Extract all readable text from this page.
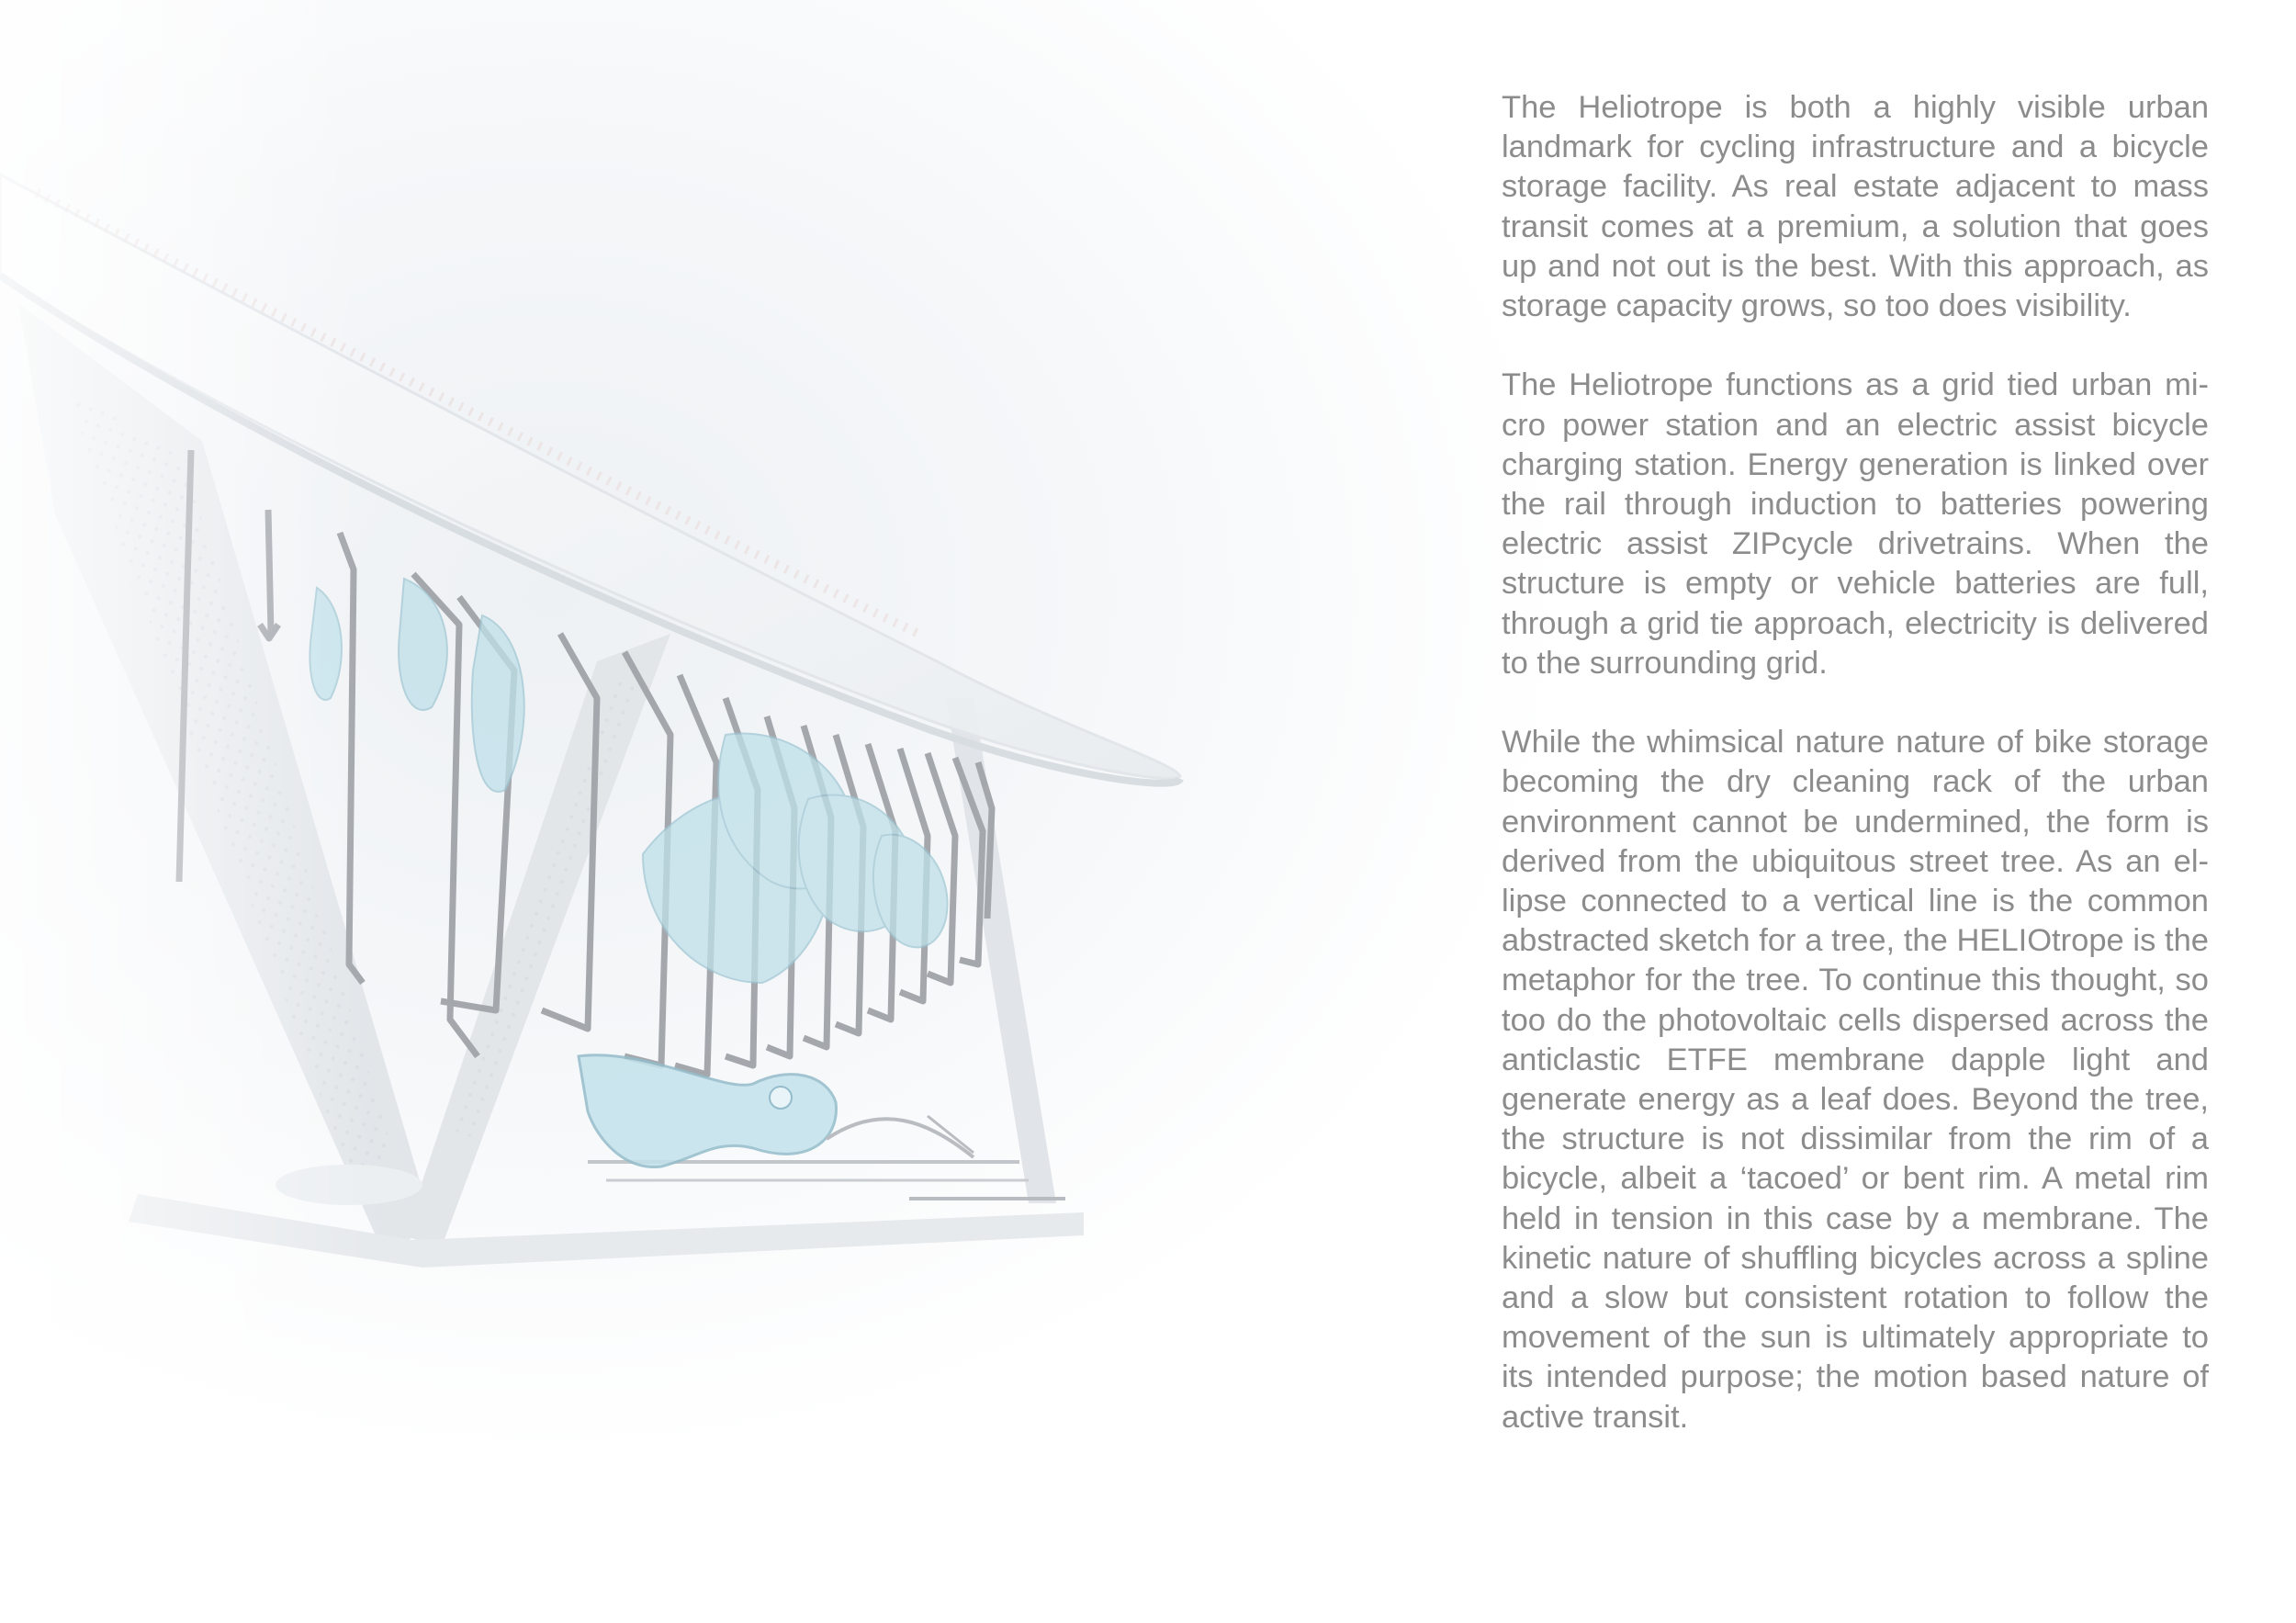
The Heliotrope is both a highly visible urban landmark for cycling infrastructure and a bicycle storage facility. As real estate adjacent to mass transit comes at a premium, a solution that goes up and not out is the best. With this approach, as storage capacity grows, so too does visibility.

The Heliotrope functions as a grid tied urban micro power station and an electric assist bicycle charging station. Energy generation is linked over the rail through induction to batteries powering electric assist ZIPcycle drivetrains. When the structure is empty or vehicle batteries are full, through a grid tie approach, electricity is delivered to the surrounding grid.

While the whimsical nature nature of bike storage becoming the dry cleaning rack of the urban environment cannot be undermined, the form is derived from the ubiquitous street tree. As an ellipse connected to a vertical line is the common abstracted sketch for a tree, the HELIOtrope is the metaphor for the tree. To continue this thought, so too do the photovoltaic cells dispersed across the anticlastic ETFE membrane dapple light and generate energy as a leaf does. Beyond the tree, the structure is not dissimilar from the rim of a bicycle, albeit a ‘tacoed’ or bent rim. A metal rim held in tension in this case by a membrane. The kinetic nature of shuffling bicycles across a spline and a slow but consistent rotation to follow the movement of the sun is ultimately appropriate to its intended purpose; the motion based nature of active transit.
